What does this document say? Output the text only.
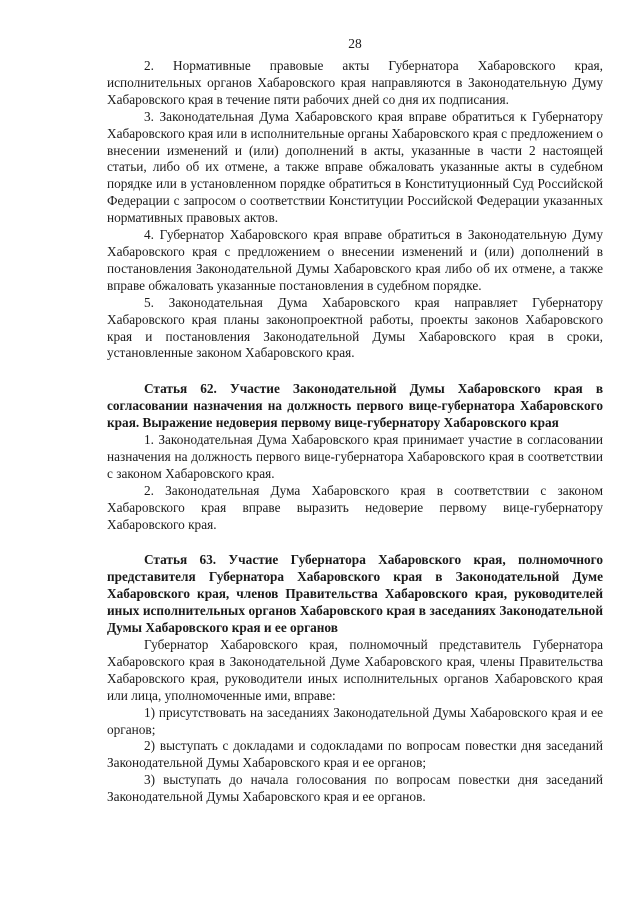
28

2. Нормативные правовые акты Губернатора Хабаровского края, исполнительных органов Хабаровского края направляются в Законодательную Думу Хабаровского края в течение пяти рабочих дней со дня их подписания.

3. Законодательная Дума Хабаровского края вправе обратиться к Губернатору Хабаровского края или в исполнительные органы Хабаровского края с предложением о внесении изменений и (или) дополнений в акты, указанные в части 2 настоящей статьи, либо об их отмене, а также вправе обжаловать указанные акты в судебном порядке или в установленном порядке обратиться в Конституционный Суд Российской Федерации с запросом о соответствии Конституции Российской Федерации указанных нормативных правовых актов.

4. Губернатор Хабаровского края вправе обратиться в Законодательную Думу Хабаровского края с предложением о внесении изменений и (или) дополнений в постановления Законодательной Думы Хабаровского края либо об их отмене, а также вправе обжаловать указанные постановления в судебном порядке.

5. Законодательная Дума Хабаровского края направляет Губернатору Хабаровского края планы законопроектной работы, проекты законов Хабаровского края и постановления Законодательной Думы Хабаровского края в сроки, установленные законом Хабаровского края.

Статья 62. Участие Законодательной Думы Хабаровского края в согласовании назначения на должность первого вице-губернатора Хабаровского края. Выражение недоверия первому вице-губернатору Хабаровского края

1. Законодательная Дума Хабаровского края принимает участие в согласовании назначения на должность первого вице-губернатора Хабаровского края в соответствии с законом Хабаровского края.

2. Законодательная Дума Хабаровского края в соответствии с законом Хабаровского края вправе выразить недоверие первому вице-губернатору Хабаровского края.

Статья 63. Участие Губернатора Хабаровского края, полномочного представителя Губернатора Хабаровского края в Законодательной Думе Хабаровского края, членов Правительства Хабаровского края, руководителей иных исполнительных органов Хабаровского края в заседаниях Законодательной Думы Хабаровского края и ее органов

Губернатор Хабаровского края, полномочный представитель Губернатора Хабаровского края в Законодательной Думе Хабаровского края, члены Правительства Хабаровского края, руководители иных исполнительных органов Хабаровского края или лица, уполномоченные ими, вправе:

1) присутствовать на заседаниях Законодательной Думы Хабаровского края и ее органов;

2) выступать с докладами и содокладами по вопросам повестки дня заседаний Законодательной Думы Хабаровского края и ее органов;

3) выступать до начала голосования по вопросам повестки дня заседаний Законодательной Думы Хабаровского края и ее органов.
